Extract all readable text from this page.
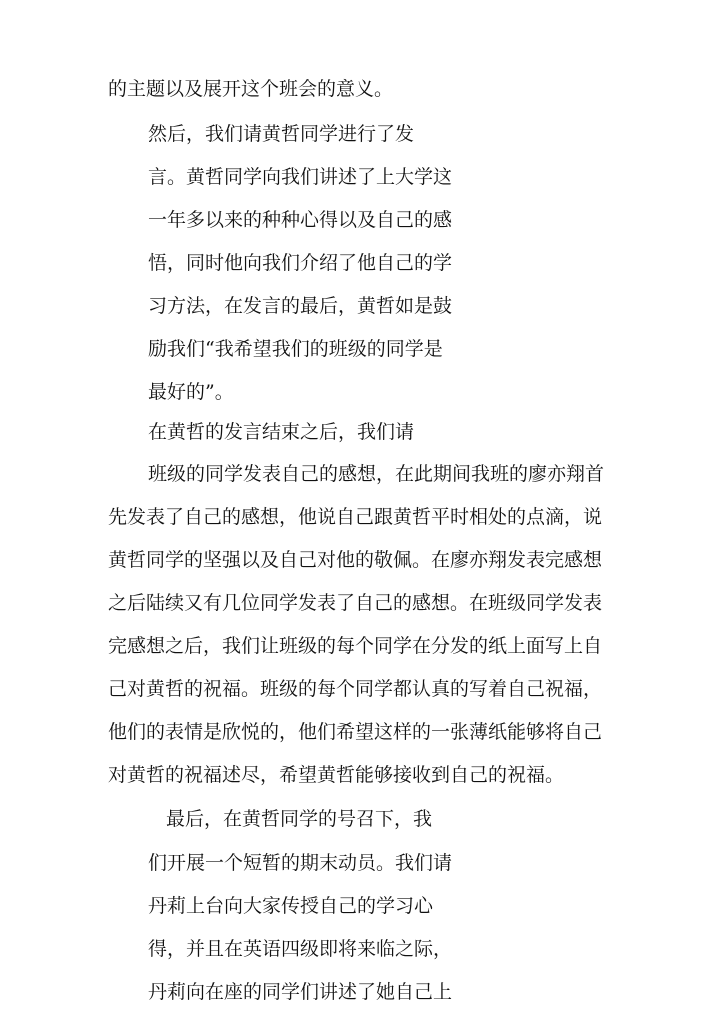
的主题以及展开这个班会的意义。

然后，我们请黄哲同学进行了发

言。黄哲同学向我们讲述了上大学这

一年多以来的种种心得以及自己的感

悟，同时他向我们介绍了他自己的学

习方法，在发言的最后，黄哲如是鼓

励我们“我希望我们的班级的同学是

最好的”。

在黄哲的发言结束之后，我们请

班级的同学发表自己的感想，在此期间我班的廖亦翔首

先发表了自己的感想，他说自己跟黄哲平时相处的点滴，说

黄哲同学的坚强以及自己对他的敬佩。在廖亦翔发表完感想

之后陆续又有几位同学发表了自己的感想。在班级同学发表

完感想之后，我们让班级的每个同学在分发的纸上面写上自

己对黄哲的祝福。班级的每个同学都认真的写着自己祝福，

他们的表情是欣悦的，他们希望这样的一张薄纸能够将自己

对黄哲的祝福述尽，希望黄哲能够接收到自己的祝福。

最后，在黄哲同学的号召下，我

们开展一个短暂的期末动员。我们请

丹莉上台向大家传授自己的学习心

得，并且在英语四级即将来临之际，

丹莉向在座的同学们讲述了她自己上
